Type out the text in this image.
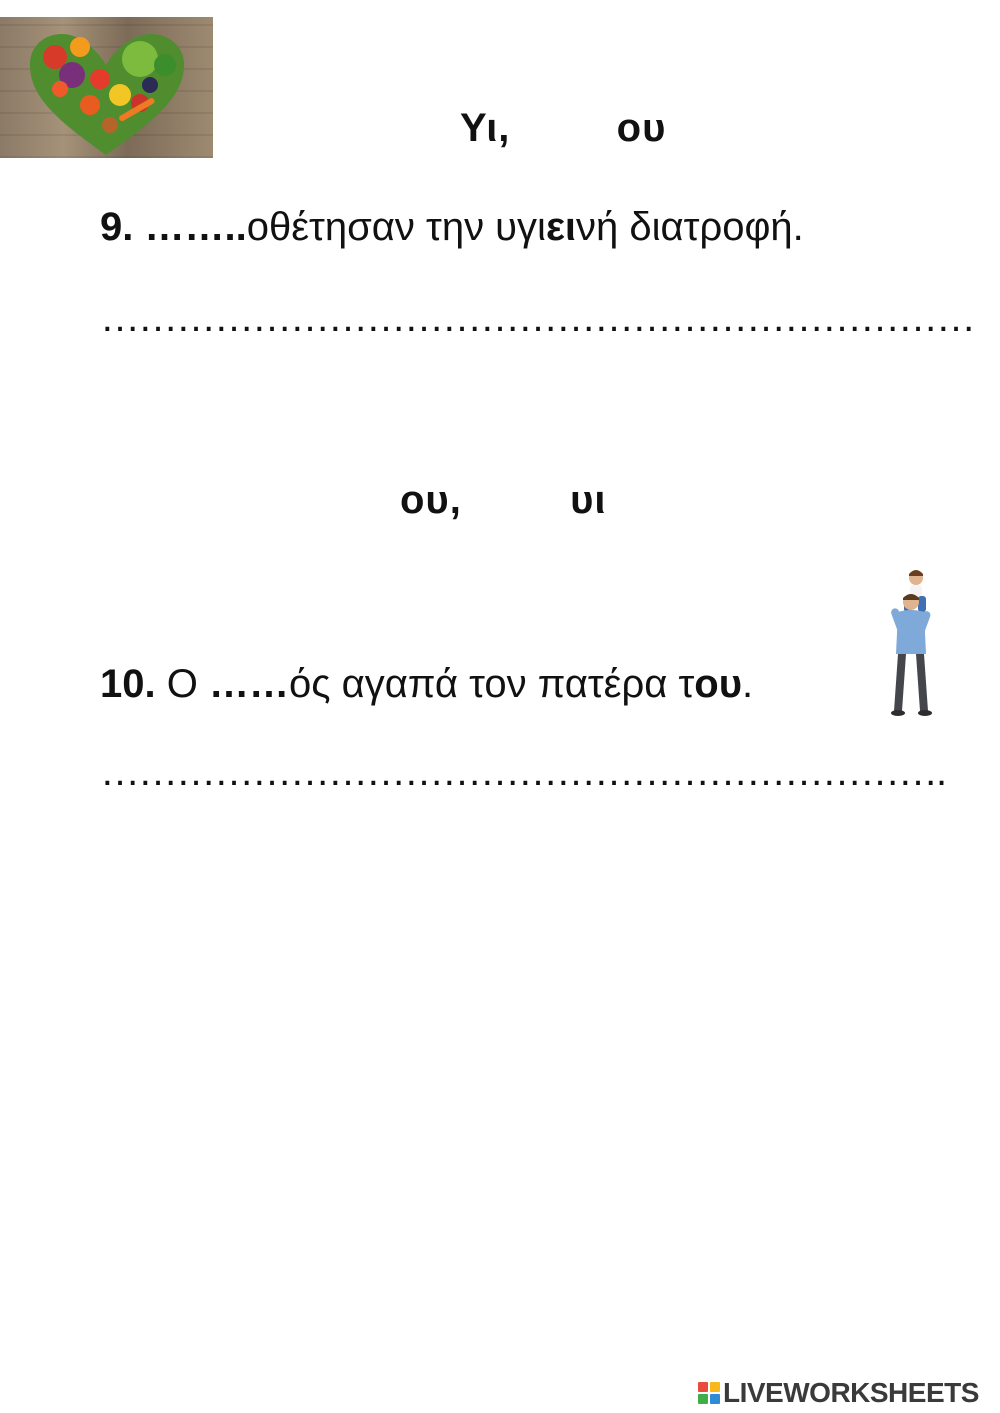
Υι,	ου
9. ……..οθέτησαν την υγιεινή διατροφή.
……………………………………………………………
ου,	υι
10. Ο ……ός αγαπά τον πατέρα του.
………………………………………………………….
LIVEWORKSHEETS
